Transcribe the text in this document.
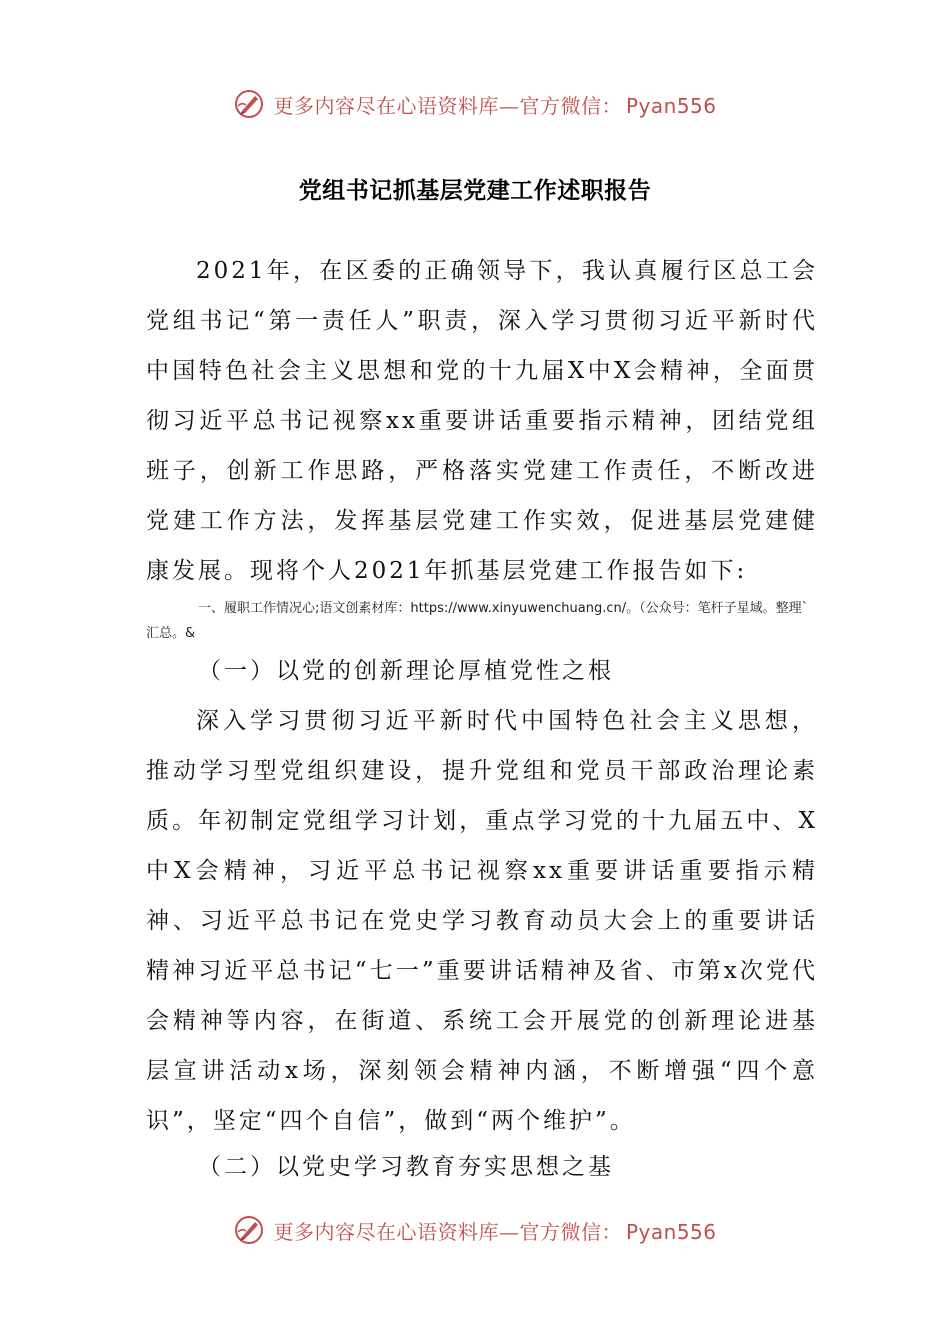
更多内容尽在心语资料库—官方微信： Pyan556
党组书记抓基层党建工作述职报告

2021年，在区委的正确领导下，我认真履行区总工会党组书记“第一责任人”职责，深入学习贯彻习近平新时代中国特色社会主义思想和党的十九届X中X会精神，全面贯彻习近平总书记视察xx重要讲话重要指示精神，团结党组班子，创新工作思路，严格落实党建工作责任，不断改进党建工作方法，发挥基层党建工作实效，促进基层党建健康发展。现将个人2021年抓基层党建工作报告如下:

一、履职工作情况心;语文创素材库：https://www.xinyuwenchuang.cn/。（公众号：笔杆子星域。整理`汇总。&

（一）以党的创新理论厚植党性之根

深入学习贯彻习近平新时代中国特色社会主义思想，推动学习型党组织建设，提升党组和党员干部政治理论素质。年初制定党组学习计划，重点学习党的十九届五中、X中X会精神，习近平总书记视察xx重要讲话重要指示精神、习近平总书记在党史学习教育动员大会上的重要讲话精神习近平总书记“七一”重要讲话精神及省、市第x次党代会精神等内容，在街道、系统工会开展党的创新理论进基层宣讲活动x场，深刻领会精神内涵，不断增强“四个意识”，坚定“四个自信”，做到“两个维护”。

（二）以党史学习教育夯实思想之基

更多内容尽在心语资料库—官方微信： Pyan556
